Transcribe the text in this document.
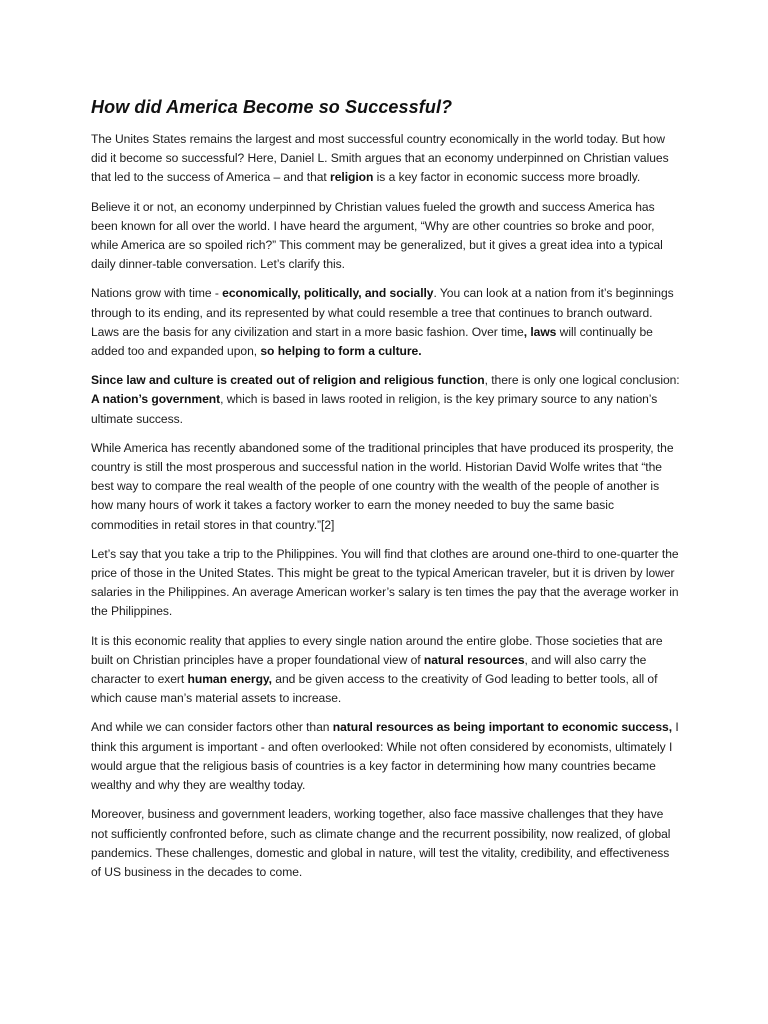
How did America Become so Successful?

The Unites States remains the largest and most successful country economically in the world today. But how did it become so successful? Here, Daniel L. Smith argues that an economy underpinned on Christian values that led to the success of America – and that religion is a key factor in economic success more broadly.

Believe it or not, an economy underpinned by Christian values fueled the growth and success America has been known for all over the world. I have heard the argument, “Why are other countries so broke and poor, while America are so spoiled rich?” This comment may be generalized, but it gives a great idea into a typical daily dinner-table conversation. Let’s clarify this.

Nations grow with time - economically, politically, and socially. You can look at a nation from it’s beginnings through to its ending, and its represented by what could resemble a tree that continues to branch outward. Laws are the basis for any civilization and start in a more basic fashion. Over time, laws will continually be added too and expanded upon, so helping to form a culture.

Since law and culture is created out of religion and religious function, there is only one logical conclusion: A nation’s government, which is based in laws rooted in religion, is the key primary source to any nation’s ultimate success.

While America has recently abandoned some of the traditional principles that have produced its prosperity, the country is still the most prosperous and successful nation in the world. Historian David Wolfe writes that “the best way to compare the real wealth of the people of one country with the wealth of the people of another is how many hours of work it takes a factory worker to earn the money needed to buy the same basic commodities in retail stores in that country.”[2]

Let’s say that you take a trip to the Philippines. You will find that clothes are around one-third to one-quarter the price of those in the United States. This might be great to the typical American traveler, but it is driven by lower salaries in the Philippines. An average American worker’s salary is ten times the pay that the average worker in the Philippines.

It is this economic reality that applies to every single nation around the entire globe. Those societies that are built on Christian principles have a proper foundational view of natural resources, and will also carry the character to exert human energy, and be given access to the creativity of God leading to better tools, all of which cause man’s material assets to increase.

And while we can consider factors other than natural resources as being important to economic success, I think this argument is important - and often overlooked: While not often considered by economists, ultimately I would argue that the religious basis of countries is a key factor in determining how many countries became wealthy and why they are wealthy today.

Moreover, business and government leaders, working together, also face massive challenges that they have not sufficiently confronted before, such as climate change and the recurrent possibility, now realized, of global pandemics. These challenges, domestic and global in nature, will test the vitality, credibility, and effectiveness of US business in the decades to come.
